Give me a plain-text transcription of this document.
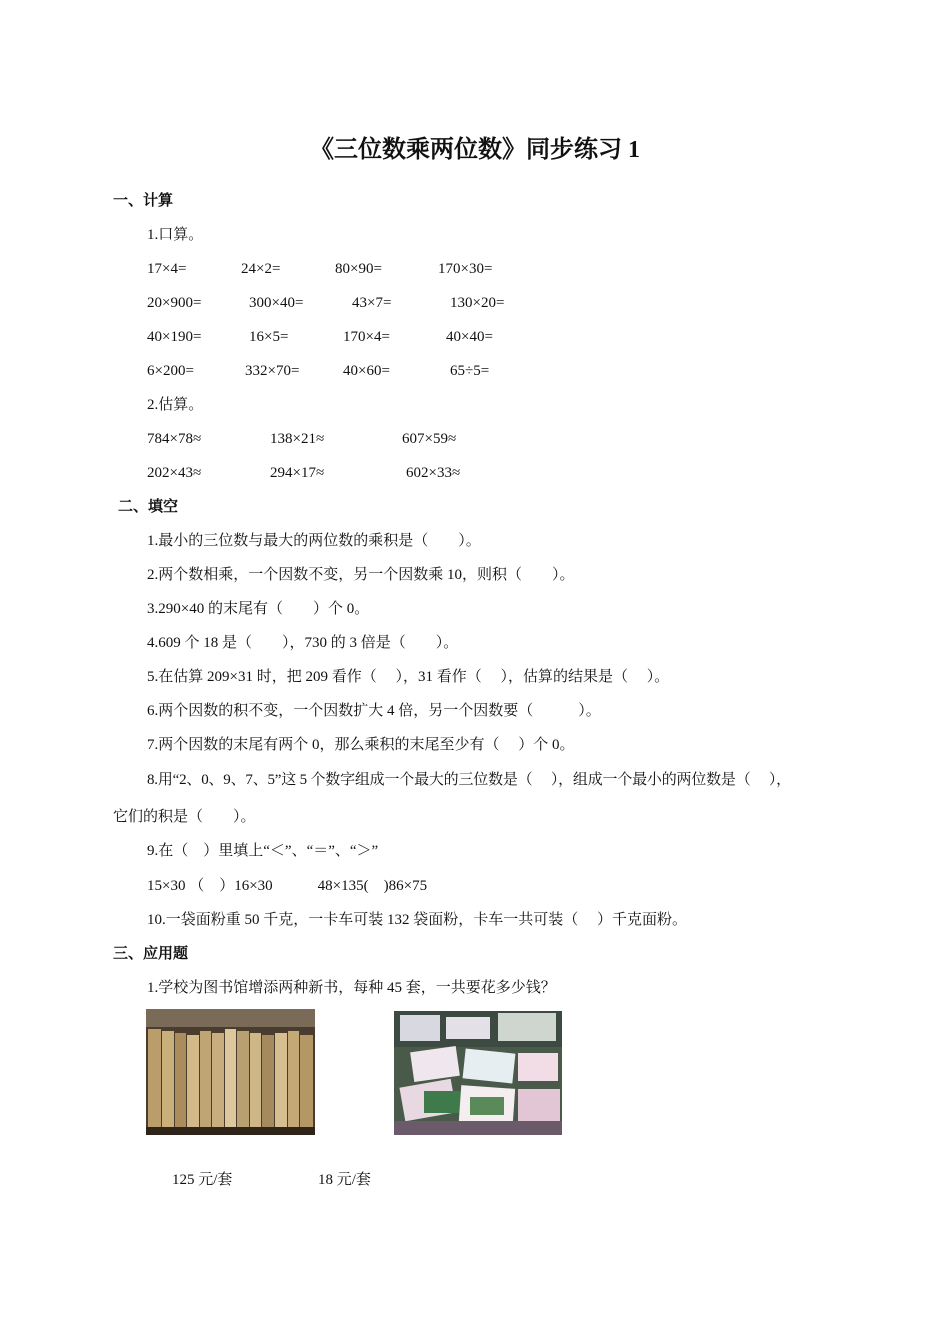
《三位数乘两位数》同步练习 1
一、计算
1.口算。
17×4=	24×2=	80×90=	170×30=
20×900=	300×40=	43×7=	130×20=
40×190=	16×5=	170×4=	40×40=
6×200=	332×70=	40×60=	65÷5=
2.估算。
784×78≈	138×21≈	607×59≈
202×43≈	294×17≈	602×33≈
二、填空
1.最小的三位数与最大的两位数的乘积是（　　）。
2.两个数相乘，一个因数不变，另一个因数乘 10，则积（　　）。
3.290×40 的末尾有（　　）个 0。
4.609 个 18 是（　　），730 的 3 倍是（　　）。
5.在估算 209×31 时，把 209 看作（　 ），31 看作（　 ），估算的结果是（　 ）。
6.两个因数的积不变，一个因数扩大 4 倍，另一个因数要（　　　）。
7.两个因数的末尾有两个 0，那么乘积的末尾至少有（　 ）个 0。
8.用“2、0、9、7、5”这 5 个数字组成一个最大的三位数是（　 ），组成一个最小的两位数是（　 ），
它们的积是（　　）。
9.在（　）里填上“＜”、“＝”、“＞”
15×30 （　）16×30　　　48×135(　)86×75
10.一袋面粉重 50 千克，一卡车可装 132 袋面粉，卡车一共可装（　 ）千克面粉。
三、应用题
1.学校为图书馆增添两种新书，每种 45 套，一共要花多少钱？
125 元/套	18 元/套
